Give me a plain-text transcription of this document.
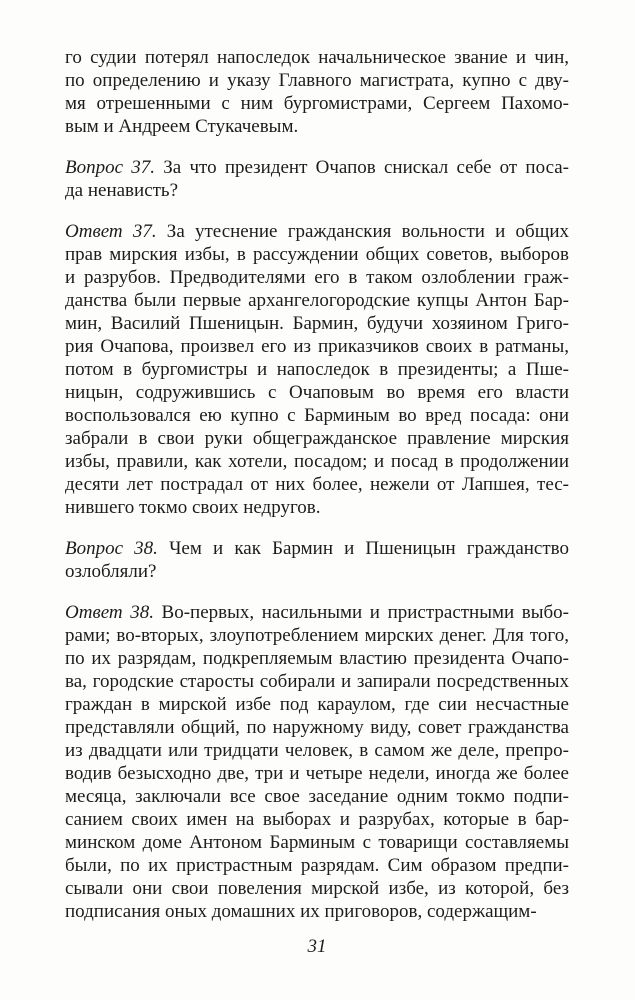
го судии потерял напоследок начальническое звание и чин,
по определению и указу Главного магистрата, купно с дву-
мя отрешенными с ним бургомистрами, Сергеем Пахомо-
вым и Андреем Стукачевым.
Вопрос 37. За что президент Очапов снискал себе от поса-
да ненависть?
Ответ 37. За утеснение гражданския вольности и общих
прав мирския избы, в рассуждении общих советов, выборов
и разрубов. Предводителями его в таком озлоблении граж-
данства были первые архангелогородские купцы Антон Бар-
мин, Василий Пшеницын. Бармин, будучи хозяином Григо-
рия Очапова, произвел его из приказчиков своих в ратманы,
потом в бургомистры и напоследок в президенты; а Пше-
ницын, содружившись с Очаповым во время его власти
воспользовался ею купно с Барминым во вред посада: они
забрали в свои руки общегражданское правление мирския
избы, правили, как хотели, посадом; и посад в продолжении
десяти лет пострадал от них более, нежели от Лапшея, тес-
нившего токмо своих недругов.
Вопрос 38. Чем и как Бармин и Пшеницын гражданство
озлобляли?
Ответ 38. Во-первых, насильными и пристрастными выбо-
рами; во-вторых, злоупотреблением мирских денег. Для того,
по их разрядам, подкрепляемым властию президента Очапо-
ва, городские старосты собирали и запирали посредственных
граждан в мирской избе под караулом, где сии несчастные
представляли общий, по наружному виду, совет гражданства
из двадцати или тридцати человек, в самом же деле, препро-
водив безысходно две, три и четыре недели, иногда же более
месяца, заключали все свое заседание одним токмо подпи-
санием своих имен на выборах и разрубах, которые в бар-
минском доме Антоном Барминым с товарищи составляемы
были, по их пристрастным разрядам. Сим образом предпи-
сывали они свои повеления мирской избе, из которой, без
подписания оных домашних их приговоров, содержащим-
31
